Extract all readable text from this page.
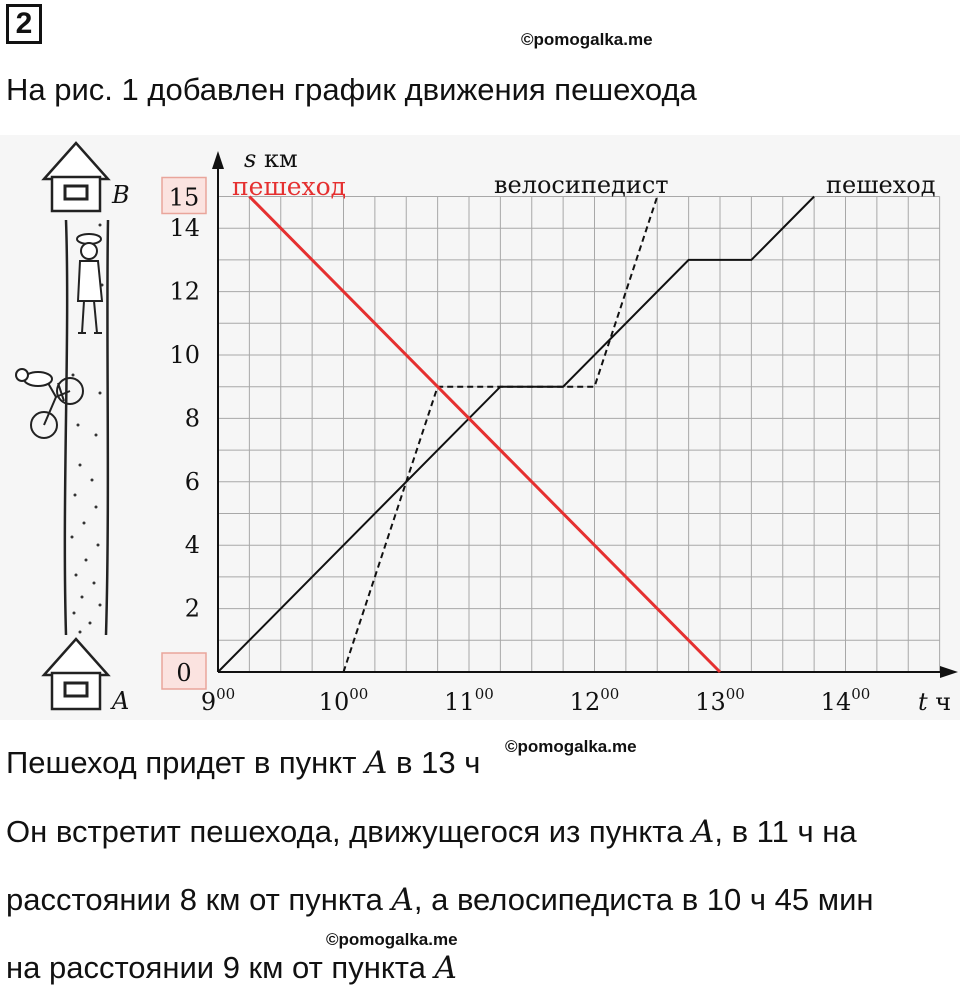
2	©pomogalka.me
На рис. 1 добавлен график движения пешехода
B
A
s км
t ч
2
4
6
8
10
12
14
0
15
$9^{00}$	$10^{00}$	$11^{00}$	$12^{00}$	$13^{00}$	$14^{00}$
пешеход
велосипедист
пешеход
©pomogalka.me
Пешеход придет в пункт A в 13 ч
Он встретит пешехода, движущегося из пункта A, в 11 ч на
расстоянии 8 км от пункта A, а велосипедиста в 10 ч 45 мин
©pomogalka.me
на расстоянии 9 км от пункта A
